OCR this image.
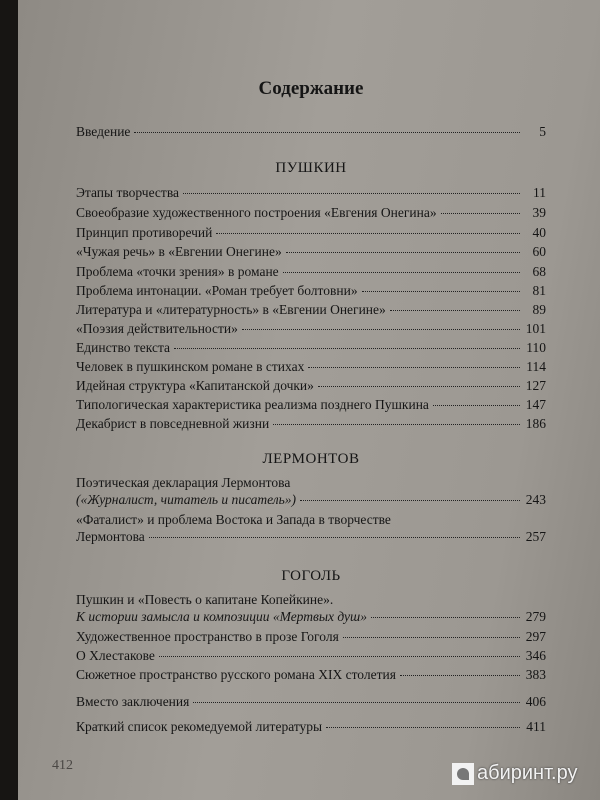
Содержание
Введение	5
ПУШКИН
Этапы творчества	11
Своеобразие художественного построения «Евгения Онегина»	39
Принцип противоречий	40
«Чужая речь» в «Евгении Онегине»	60
Проблема «точки зрения» в романе	68
Проблема интонации. «Роман требует болтовни»	81
Литература и «литературность» в «Евгении Онегине»	89
«Поэзия действительности»	101
Единство текста	110
Человек в пушкинском романе в стихах	114
Идейная структура «Капитанской дочки»	127
Типологическая характеристика реализма позднего Пушкина	147
Декабрист в повседневной жизни	186
ЛЕРМОНТОВ
Поэтическая декларация Лермонтова
(«Журналист, читатель и писатель»)	243
«Фаталист» и проблема Востока и Запада в творчестве
Лермонтова	257
ГОГОЛЬ
Пушкин и «Повесть о капитане Копейкине».
К истории замысла и композиции «Мертвых душ»	279
Художественное пространство в прозе Гоголя	297
О Хлестакове	346
Сюжетное пространство русского романа XIX столетия	383
Вместо заключения	406
Краткий список рекомедуемой литературы	411
412	абиринт.ру
